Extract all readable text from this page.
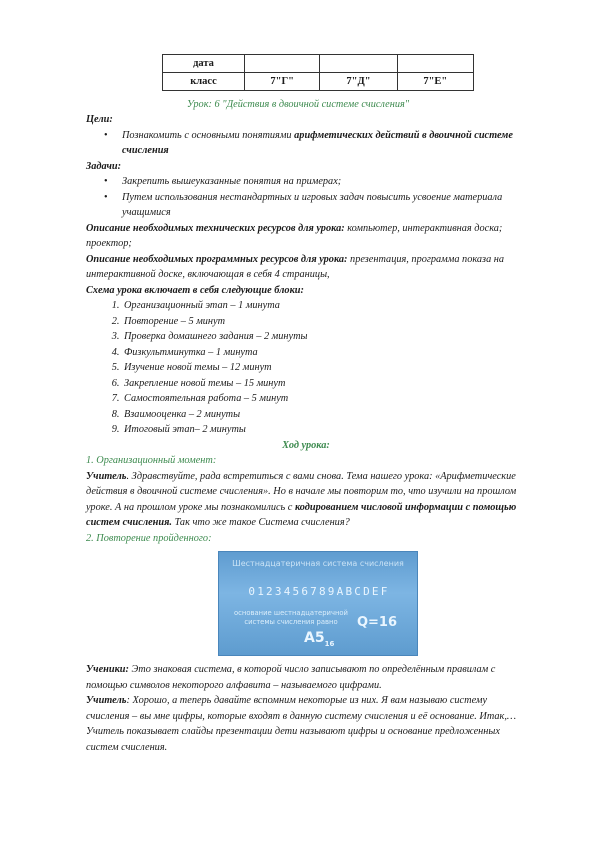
дата			
класс	7"Г"	7"Д"	7"Е"
Урок: 6 "Действия в двоичной системе счисления"

Цели:

• Познакомить с основными понятиями арифметических действий в двоичной системе счисления

Задачи:

• Закрепить вышеуказанные понятия на примерах;

• Путем использования нестандартных и игровых задач повысить усвоение материала учащимися

Описание необходимых технических ресурсов для урока: компьютер, интерактивная доска; проектор;

Описание необходимых программных ресурсов для урока: презентация, программа показа на интерактивной доске, включающая в себя 4 страницы,

Схема урока включает в себя следующие блоки:

1. Организационный этап – 1 минута
2. Повторение – 5 минут
3. Проверка домашнего задания – 2 минуты
4. Физкультминутка – 1 минута
5. Изучение новой темы – 12 минут
6. Закрепление новой темы – 15 минут
7. Самостоятельная работа – 5 минут
8. Взаимооценка – 2 минуты
9. Итоговый этап– 2 минуты

Ход урока:

1. Организационный момент:

Учитель. Здравствуйте, рада встретиться с вами снова. Тема нашего урока: «Арифметические действия в двоичной системе счисления». Но в начале мы повторим то, что изучили на прошлом уроке. А на прошлом уроке мы познакомились с кодированием числовой информации с помощью систем счисления. Так что же такое Система счисления?

2. Повторение пройденного:

Шестнадцатеричная система счисления
0123456789ABCDEF
основание шестнадцатеричной системы счисления равно	Q=16
$A5_{16}$

Ученики: Это знаковая система, в которой число записывают по определённым правилам с помощью символов некоторого алфавита – называемого цифрами.

Учитель: Хорошо, а теперь давайте вспомним некоторые из них. Я вам называю систему счисления – вы мне цифры, которые входят в данную систему счисления и её основание. Итак,…Учитель показывает слайды презентации дети называют цифры и основание предложенных систем счисления.
